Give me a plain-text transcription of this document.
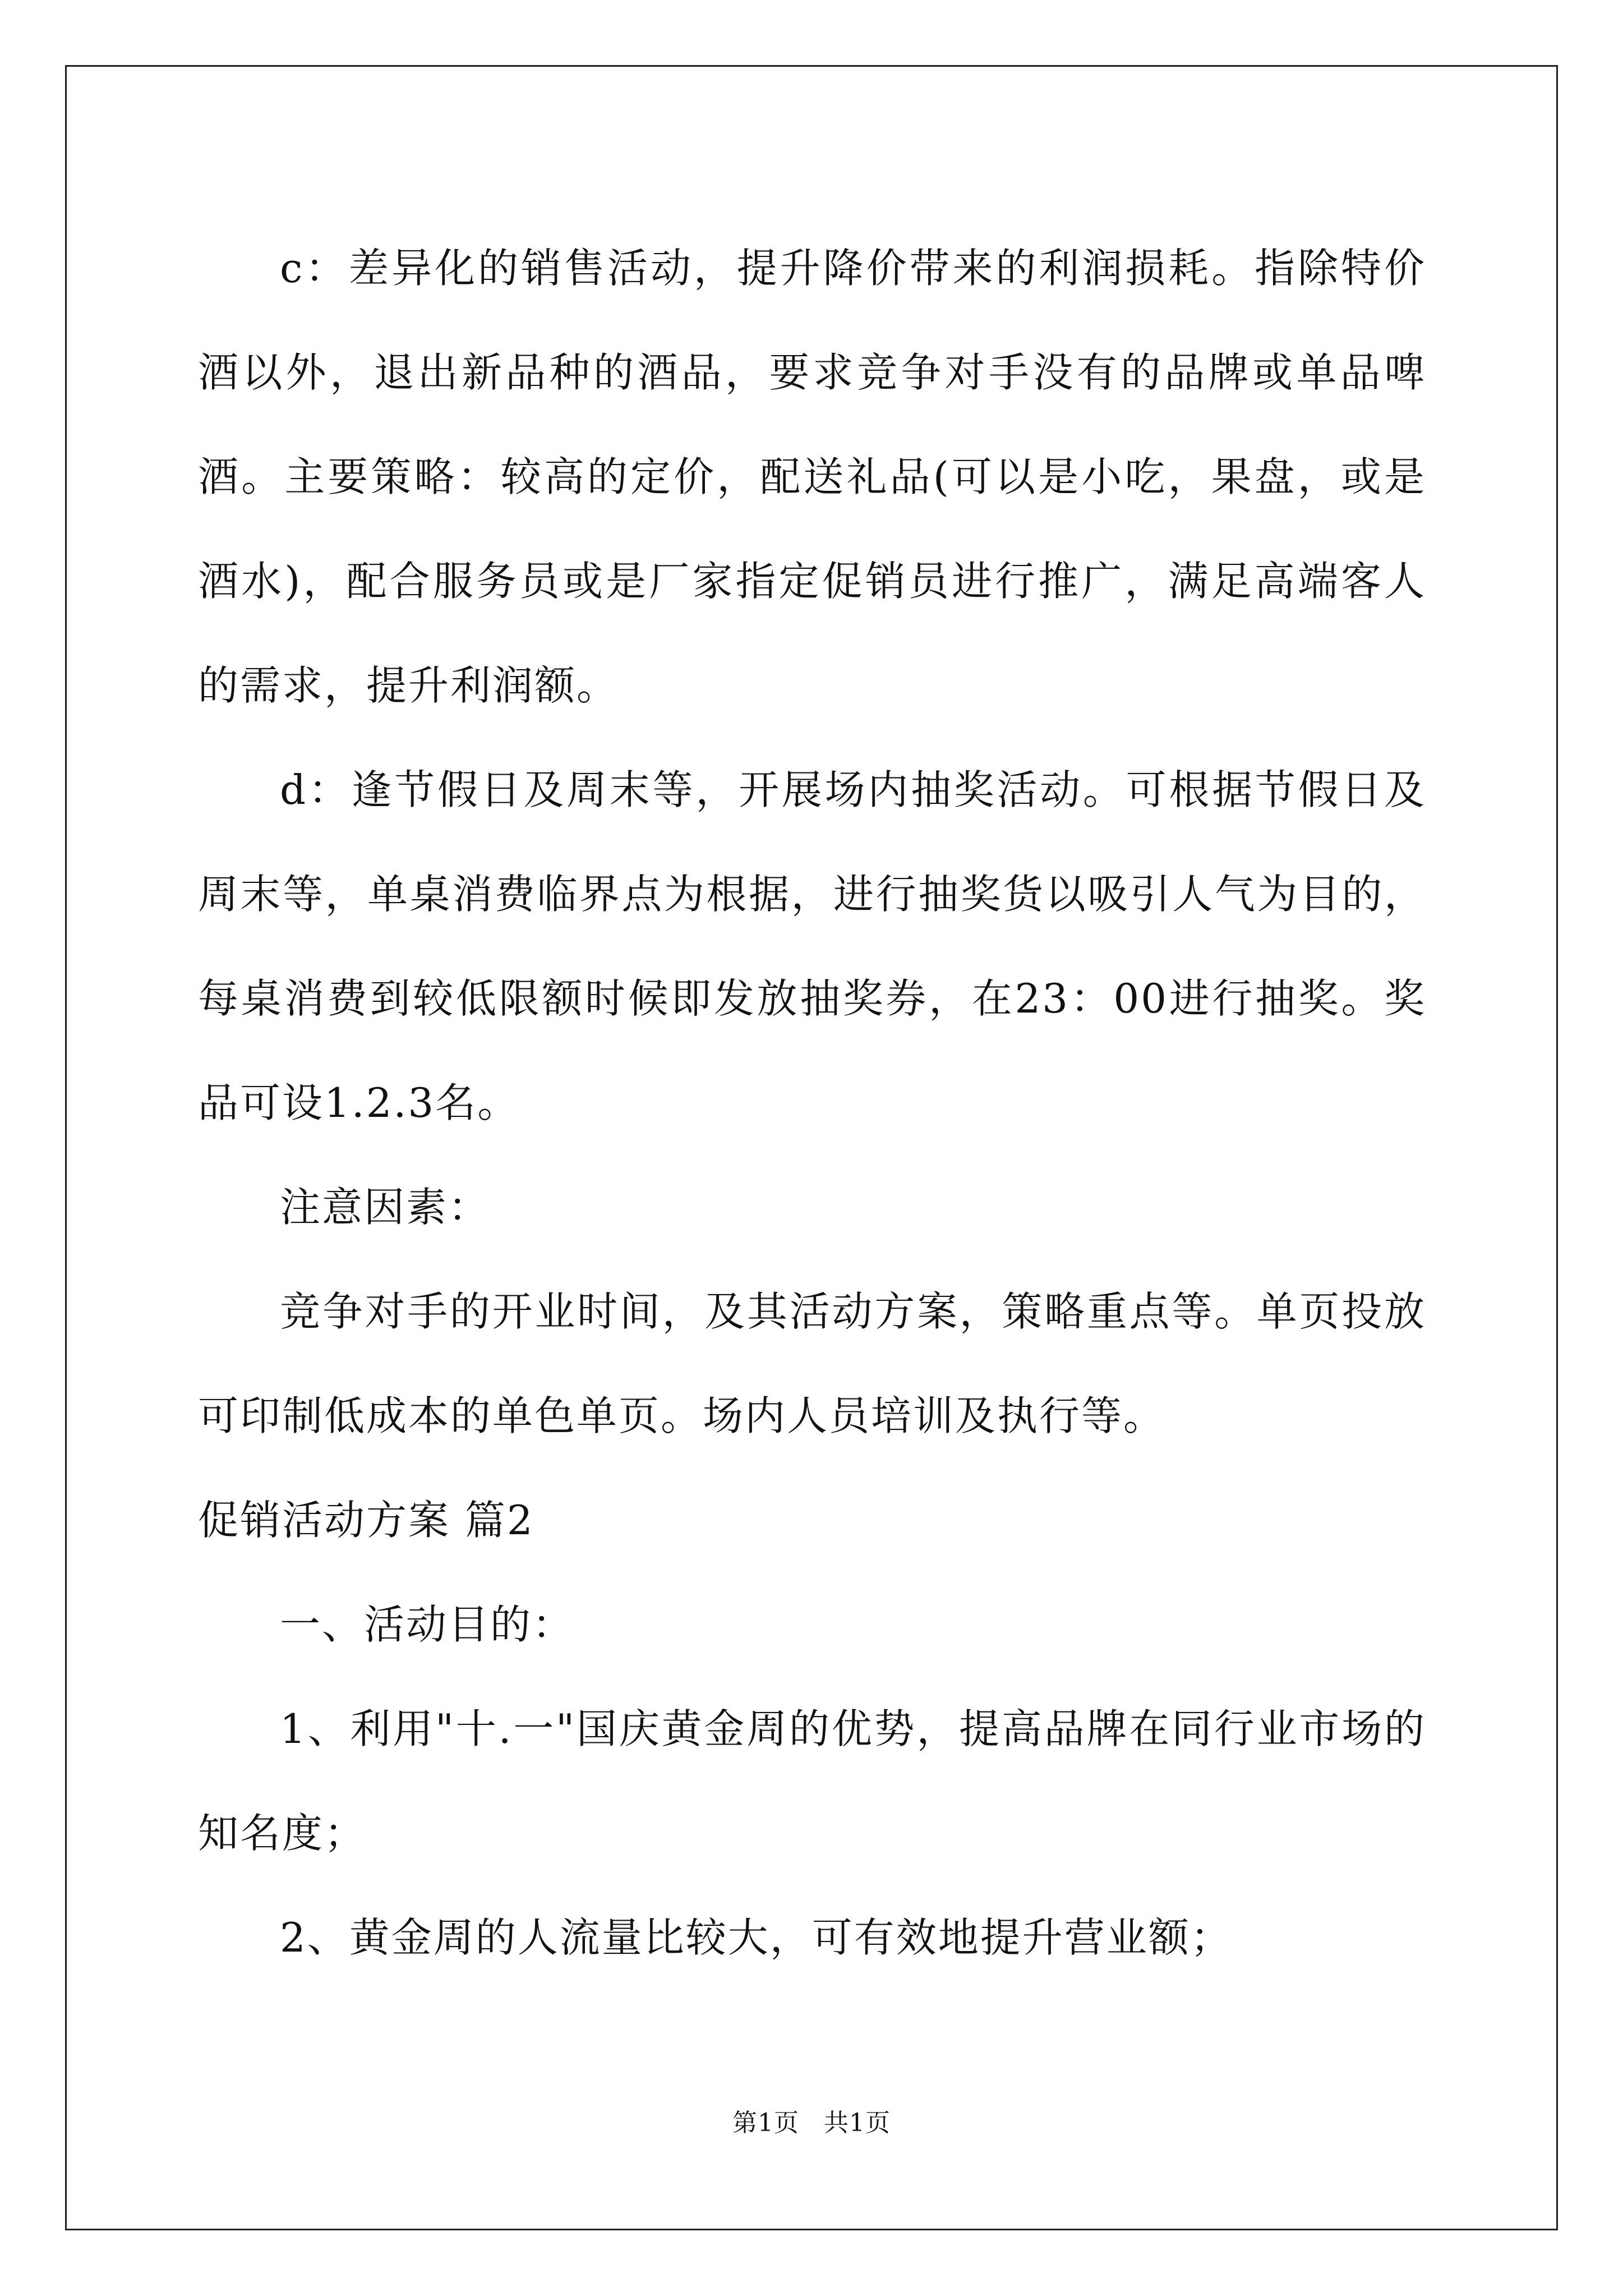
c：差异化的销售活动，提升降价带来的利润损耗。指除特价酒以外，退出新品种的酒品，要求竞争对手没有的品牌或单品啤酒。主要策略：较高的定价，配送礼品(可以是小吃，果盘，或是酒水)，配合服务员或是厂家指定促销员进行推广，满足高端客人的需求，提升利润额。

d：逢节假日及周末等，开展场内抽奖活动。可根据节假日及周末等，单桌消费临界点为根据，进行抽奖货以吸引人气为目的，每桌消费到较低限额时候即发放抽奖券，在23：00进行抽奖。奖品可设1.2.3名。

注意因素：

竞争对手的开业时间，及其活动方案，策略重点等。单页投放可印制低成本的单色单页。场内人员培训及执行等。

促销活动方案 篇2

一、活动目的：

1、利用"十.一"国庆黄金周的优势，提高品牌在同行业市场的知名度；

2、黄金周的人流量比较大，可有效地提升营业额；

第1页 共1页
